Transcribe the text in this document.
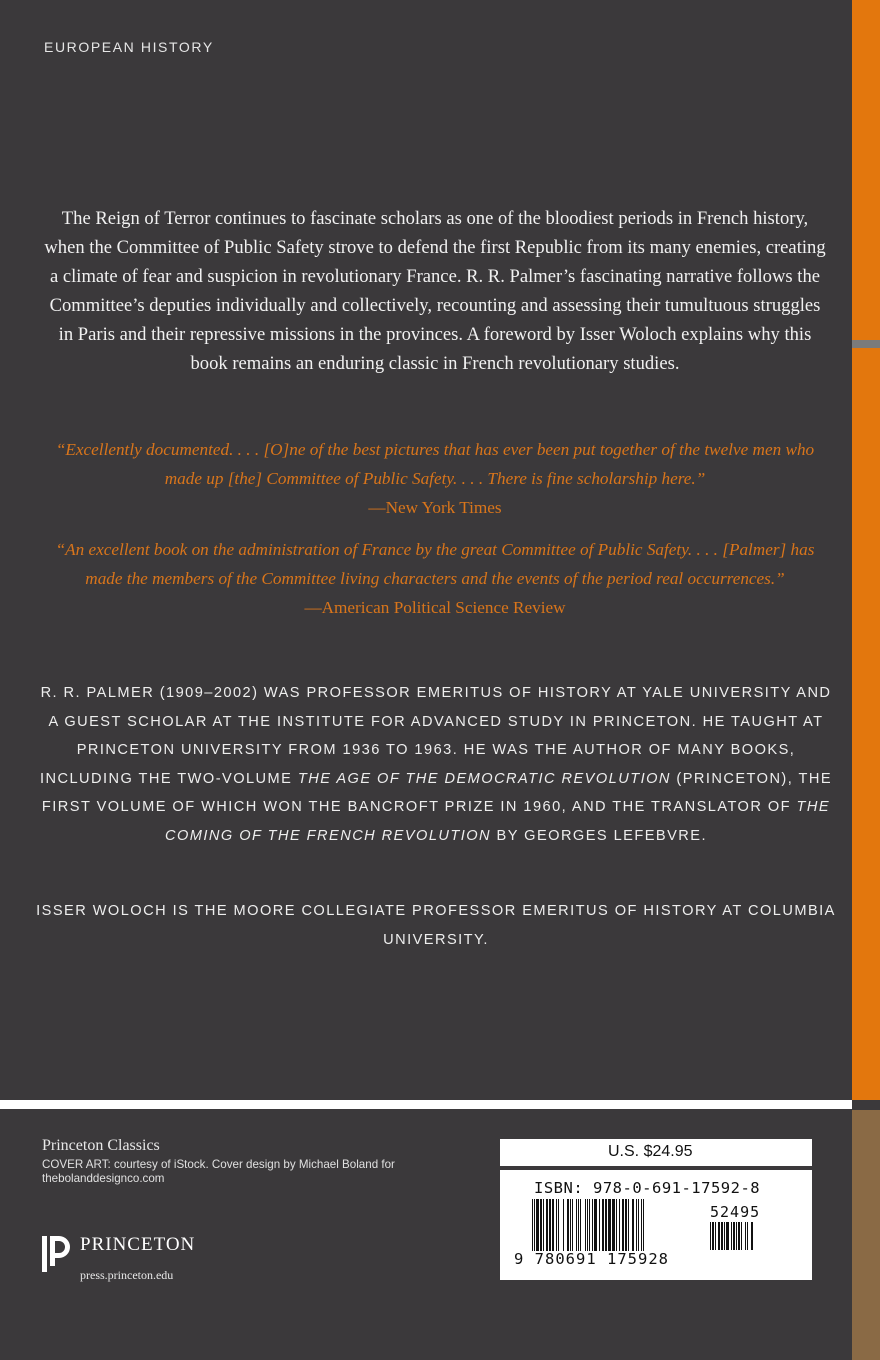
EUROPEAN HISTORY
The Reign of Terror continues to fascinate scholars as one of the bloodiest periods in French history, when the Committee of Public Safety strove to defend the first Republic from its many enemies, creating a climate of fear and suspicion in revolutionary France. R. R. Palmer’s fascinating narrative follows the Committee’s deputies individually and collectively, recounting and assessing their tumultuous struggles in Paris and their repressive missions in the provinces. A foreword by Isser Woloch explains why this book remains an enduring classic in French revolutionary studies.
“Excellently documented. . . . [O]ne of the best pictures that has ever been put together of the twelve men who made up [the] Committee of Public Safety. . . . There is fine scholarship here.”
—New York Times
“An excellent book on the administration of France by the great Committee of Public Safety. . . . [Palmer] has made the members of the Committee living characters and the events of the period real occurrences.”
—American Political Science Review
R. R. PALMER (1909–2002) WAS PROFESSOR EMERITUS OF HISTORY AT YALE UNIVERSITY AND A GUEST SCHOLAR AT THE INSTITUTE FOR ADVANCED STUDY IN PRINCETON. HE TAUGHT AT PRINCETON UNIVERSITY FROM 1936 TO 1963. HE WAS THE AUTHOR OF MANY BOOKS, INCLUDING THE TWO-VOLUME THE AGE OF THE DEMOCRATIC REVOLUTION (PRINCETON), THE FIRST VOLUME OF WHICH WON THE BANCROFT PRIZE IN 1960, AND THE TRANSLATOR OF THE COMING OF THE FRENCH REVOLUTION BY GEORGES LEFEBVRE.
ISSER WOLOCH IS THE MOORE COLLEGIATE PROFESSOR EMERITUS OF HISTORY AT COLUMBIA UNIVERSITY.
Princeton Classics
COVER ART: courtesy of iStock. Cover design by Michael Boland for thebolanddesignco.com
PRINCETON
press.princeton.edu
U.S. $24.95
ISBN: 978-0-691-17592-8
52495
9 780691 175928
